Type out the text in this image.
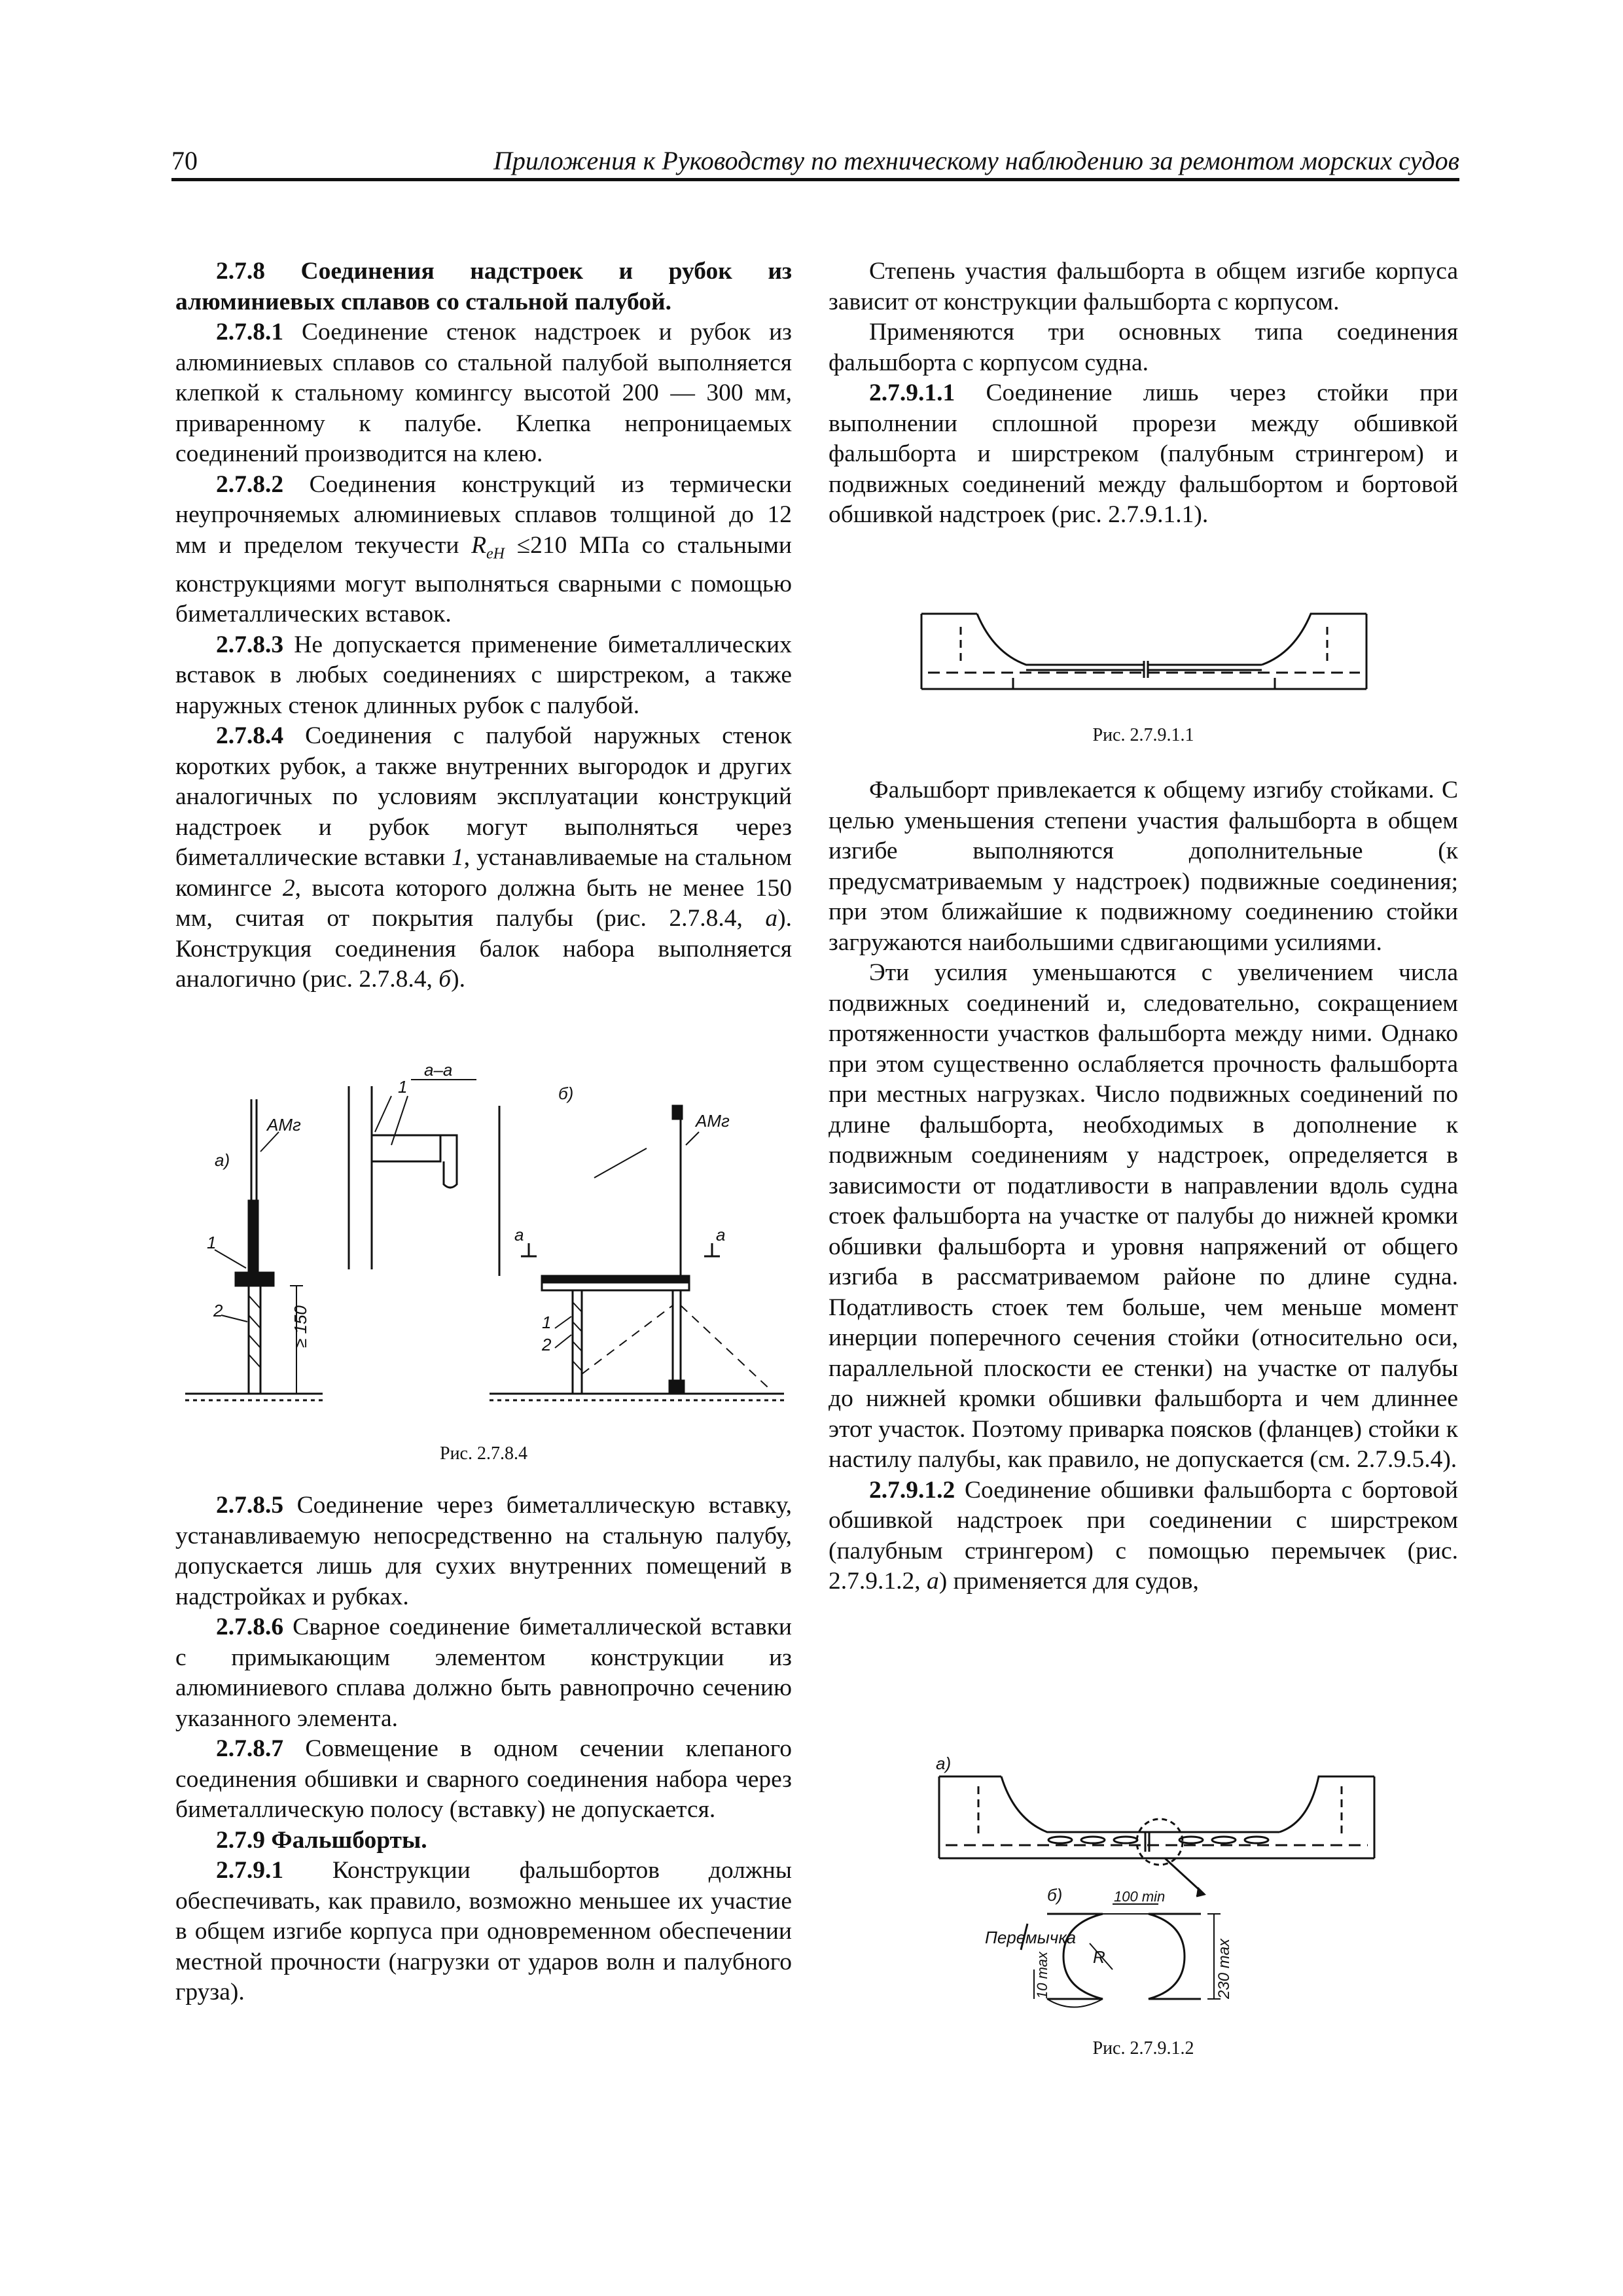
70	Приложения к Руководству по техническому наблюдению за ремонтом морских судов

2.7.8 Соединения надстроек и рубок из алюминиевых сплавов со стальной палубой.

2.7.8.1 Соединение стенок надстроек и рубок из алюминиевых сплавов со стальной палубой выполняется клепкой к стальному комингсу высотой 200 — 300 мм, приваренному к палубе. Клепка непроницаемых соединений производится на клею.

2.7.8.2 Соединения конструкций из термически неупрочняемых алюминиевых сплавов толщиной до 12 мм и пределом текучести $R_{eH} \le 210$ МПа со стальными конструкциями могут выполняться сварными с помощью биметаллических вставок.

2.7.8.3 Не допускается применение биметаллических вставок в любых соединениях с ширстреком, а также наружных стенок длинных рубок с палубой.

2.7.8.4 Соединения с палубой наружных стенок коротких рубок, а также внутренних выгородок и других аналогичных по условиям эксплуатации конструкций надстроек и рубок могут выполняться через биметаллические вставки 1, устанавливаемые на стальном комингсе 2, высота которого должна быть не менее 150 мм, считая от покрытия палубы (рис. 2.7.8.4, а). Конструкция соединения балок набора выполняется аналогично (рис. 2.7.8.4, б).

а)
АМг
1
2	≥ 150
а–а
1	б)
АМг
а	а
1
2
Рис. 2.7.8.4

2.7.8.5 Соединение через биметаллическую вставку, устанавливаемую непосредственно на стальную палубу, допускается лишь для сухих внутренних помещений в надстройках и рубках.

2.7.8.6 Сварное соединение биметаллической вставки с примыкающим элементом конструкции из алюминиевого сплава должно быть равнопрочно сечению указанного элемента.

2.7.8.7 Совмещение в одном сечении клепаного соединения обшивки и сварного соединения набора через биметаллическую полосу (вставку) не допускается.

2.7.9 Фальшборты.

2.7.9.1 Конструкции фальшбортов должны обеспечивать, как правило, возможно меньшее их участие в общем изгибе корпуса при одновременном обеспечении местной прочности (нагрузки от ударов волн и палубного груза).

Степень участия фальшборта в общем изгибе корпуса зависит от конструкции фальшборта с корпусом.

Применяются три основных типа соединения фальшборта с корпусом судна.

2.7.9.1.1 Соединение лишь через стойки при выполнении сплошной прорези между обшивкой фальшборта и ширстреком (палубным стрингером) и подвижных соединений между фальшбортом и бортовой обшивкой надстроек (рис. 2.7.9.1.1).

Рис. 2.7.9.1.1

Фальшборт привлекается к общему изгибу стойками. С целью уменьшения степени участия фальшборта в общем изгибе выполняются дополнительные (к предусматриваемым у надстроек) подвижные соединения; при этом ближайшие к подвижному соединению стойки загружаются наибольшими сдвигающими усилиями.

Эти усилия уменьшаются с увеличением числа подвижных соединений и, следовательно, сокращением протяженности участков фальшборта между ними. Однако при этом существенно ослабляется прочность фальшборта при местных нагрузках. Число подвижных соединений по длине фальшборта, необходимых в дополнение к подвижным соединениям у надстроек, определяется в зависимости от податливости в направлении вдоль судна стоек фальшборта на участке от палубы до нижней кромки обшивки фальшборта и уровня напряжений от общего изгиба в рассматриваемом районе по длине судна. Податливость стоек тем больше, чем меньше момент инерции поперечного сечения стойки (относительно оси, параллельной плоскости ее стенки) на участке от палубы до нижней кромки обшивки фальшборта и чем длиннее этот участок. Поэтому приварка поясков (фланцев) стойки к настилу палубы, как правило, не допускается (см. 2.7.9.5.4).

2.7.9.1.2 Соединение обшивки фальшборта с бортовой обшивкой надстроек при соединении с ширстреком (палубным стрингером) с помощью перемычек (рис. 2.7.9.1.2, а) применяется для судов,

а)
б)
Перемычка
R
100 min
10 max	230 max
Рис. 2.7.9.1.2
